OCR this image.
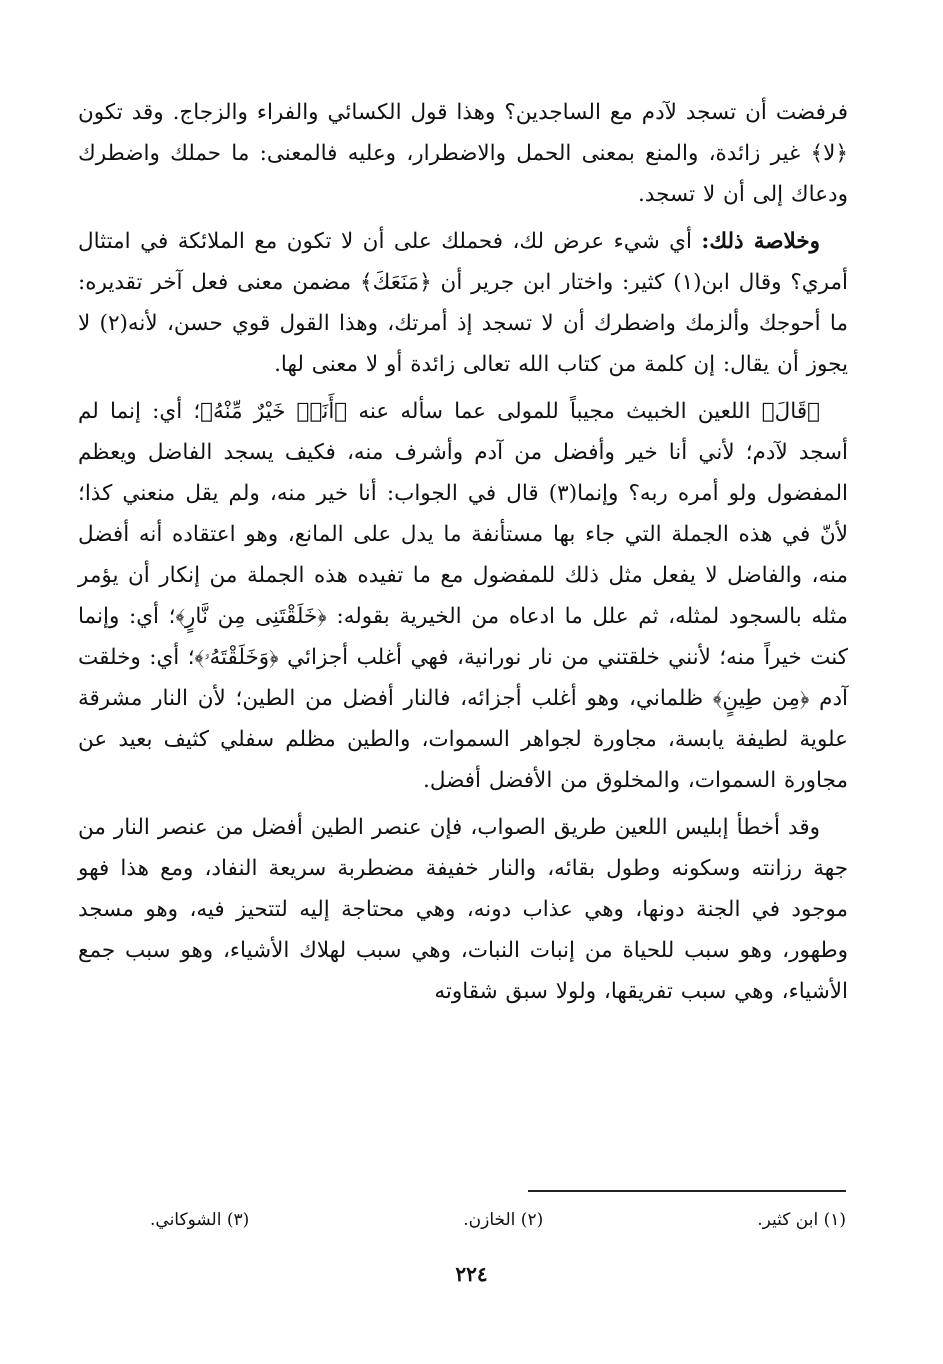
فرفضت أن تسجد لآدم مع الساجدين؟ وهذا قول الكسائي والفراء والزجاج. وقد تكون ﴿لا﴾ غير زائدة، والمنع بمعنى الحمل والاضطرار، وعليه فالمعنى: ما حملك واضطرك ودعاك إلى أن لا تسجد.

وخلاصة ذلك: أي شيء عرض لك، فحملك على أن لا تكون مع الملائكة في امتثال أمري؟ وقال ابن(١) كثير: واختار ابن جرير أن ﴿مَنَعَكَ﴾ مضمن معنى فعل آخر تقديره: ما أحوجك وألزمك واضطرك أن لا تسجد إذ أمرتك، وهذا القول قوي حسن، لأنه(٢) لا يجوز أن يقال: إن كلمة من كتاب الله تعالى زائدة أو لا معنى لها.

﴿قَالَ﴾ اللعين الخبيث مجيباً للمولى عما سأله عنه ﴿أَنَا۠ خَيْرٌ مِّنْهُ﴾؛ أي: إنما لم أسجد لآدم؛ لأني أنا خير وأفضل من آدم وأشرف منه، فكيف يسجد الفاضل ويعظم المفضول ولو أمره ربه؟ وإنما(٣) قال في الجواب: أنا خير منه، ولم يقل منعني كذا؛ لأنّ في هذه الجملة التي جاء بها مستأنفة ما يدل على المانع، وهو اعتقاده أنه أفضل منه، والفاضل لا يفعل مثل ذلك للمفضول مع ما تفيده هذه الجملة من إنكار أن يؤمر مثله بالسجود لمثله، ثم علل ما ادعاه من الخيرية بقوله: ﴿خَلَقْتَنِى مِن نَّارٍ﴾؛ أي: وإنما كنت خيراً منه؛ لأنني خلقتني من نار نورانية، فهي أغلب أجزائي ﴿وَخَلَقْتَهُۥ﴾؛ أي: وخلقت آدم ﴿مِن طِينٍ﴾ ظلماني، وهو أغلب أجزائه، فالنار أفضل من الطين؛ لأن النار مشرقة علوية لطيفة يابسة، مجاورة لجواهر السموات، والطين مظلم سفلي كثيف بعيد عن مجاورة السموات، والمخلوق من الأفضل أفضل.

وقد أخطأ إبليس اللعين طريق الصواب، فإن عنصر الطين أفضل من عنصر النار من جهة رزانته وسكونه وطول بقائه، والنار خفيفة مضطربة سريعة النفاد، ومع هذا فهو موجود في الجنة دونها، وهي عذاب دونه، وهي محتاجة إليه لتتحيز فيه، وهو مسجد وطهور، وهو سبب للحياة من إنبات النبات، وهي سبب لهلاك الأشياء، وهو سبب جمع الأشياء، وهي سبب تفريقها، ولولا سبق شقاوته

(١) ابن كثير.
(٢) الخازن.
(٣) الشوكاني.
٢٢٤
